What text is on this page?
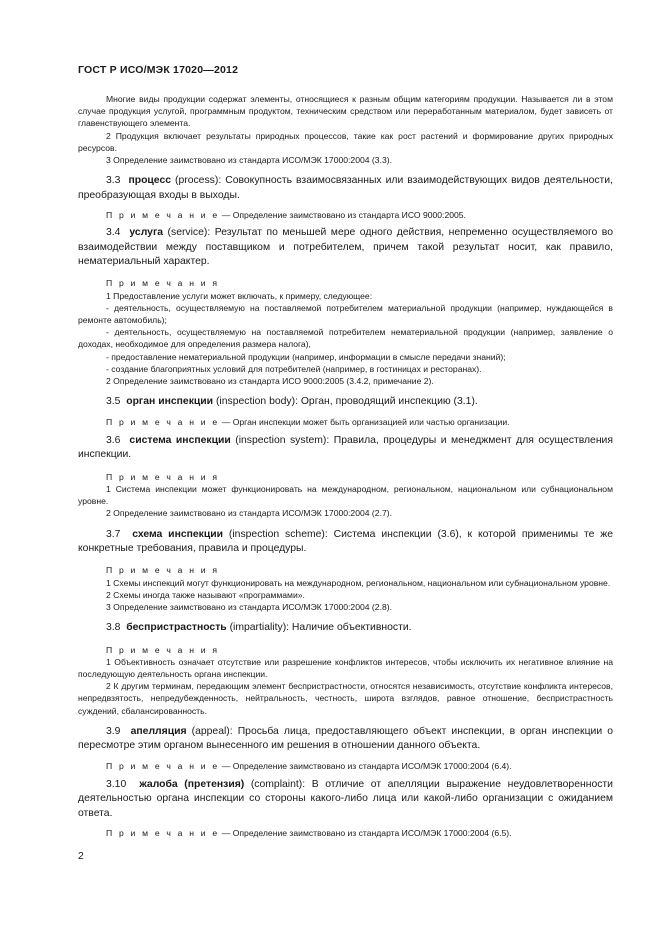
ГОСТ Р ИСО/МЭК 17020—2012

Многие виды продукции содержат элементы, относящиеся к разным общим категориям продукции. Называется ли в этом случае продукция услугой, программным продуктом, техническим средством или переработанным материалом, будет зависеть от главенствующего элемента.

2 Продукция включает результаты природных процессов, такие как рост растений и формирование других природных ресурсов.

3 Определение заимствовано из стандарта ИСО/МЭК 17000:2004 (3.3).

3.3 процесс (process): Совокупность взаимосвязанных или взаимодействующих видов деятельности, преобразующая входы в выходы.

П р и м е ч а н и е — Определение заимствовано из стандарта ИСО 9000:2005.

3.4 услуга (service): Результат по меньшей мере одного действия, непременно осуществляемого во взаимодействии между поставщиком и потребителем, причем такой результат носит, как правило, нематериальный характер.

П р и м е ч а н и я

1 Предоставление услуги может включать, к примеру, следующее:

- деятельность, осуществляемую на поставляемой потребителем материальной продукции (например, нуждающейся в ремонте автомобиль);

- деятельность, осуществляемую на поставляемой потребителем нематериальной продукции (например, заявление о доходах, необходимое для определения размера налога),

- предоставление нематериальной продукции (например, информации в смысле передачи знаний);

- создание благоприятных условий для потребителей (например, в гостиницах и ресторанах).

2 Определение заимствовано из стандарта ИСО 9000:2005 (3.4.2, примечание 2).

3.5 орган инспекции (inspection body): Орган, проводящий инспекцию (3.1).

П р и м е ч а н и е — Орган инспекции может быть организацией или частью организации.

3.6 система инспекции (inspection system): Правила, процедуры и менеджмент для осуществления инспекции.

П р и м е ч а н и я

1 Система инспекции может функционировать на международном, региональном, национальном или субнациональном уровне.

2 Определение заимствовано из стандарта ИСО/МЭК 17000:2004 (2.7).

3.7 схема инспекции (inspection scheme): Система инспекции (3.6), к которой применимы те же конкретные требования, правила и процедуры.

П р и м е ч а н и я

1 Схемы инспекций могут функционировать на международном, региональном, национальном или субнациональном уровне.

2 Схемы иногда также называют «программами».

3 Определение заимствовано из стандарта ИСО/МЭК 17000:2004 (2.8).

3.8 беспристрастность (impartiality): Наличие объективности.

П р и м е ч а н и я

1 Объективность означает отсутствие или разрешение конфликтов интересов, чтобы исключить их негативное влияние на последующую деятельность органа инспекции.

2 К другим терминам, передающим элемент беспристрастности, относятся независимость, отсутствие конфликта интересов, непредвзятость, непредубежденность, нейтральность, честность, широта взглядов, равное отношение, беспристрастность суждений, сбалансированность.

3.9 апелляция (appeal): Просьба лица, предоставляющего объект инспекции, в орган инспекции о пересмотре этим органом вынесенного им решения в отношении данного объекта.

П р и м е ч а н и е — Определение заимствовано из стандарта ИСО/МЭК 17000:2004 (6.4).

3.10 жалоба (претензия) (complaint): В отличие от апелляции выражение неудовлетворенности деятельностью органа инспекции со стороны какого-либо лица или какой-либо организации с ожиданием ответа.

П р и м е ч а н и е — Определение заимствовано из стандарта ИСО/МЭК 17000:2004 (6.5).

2
